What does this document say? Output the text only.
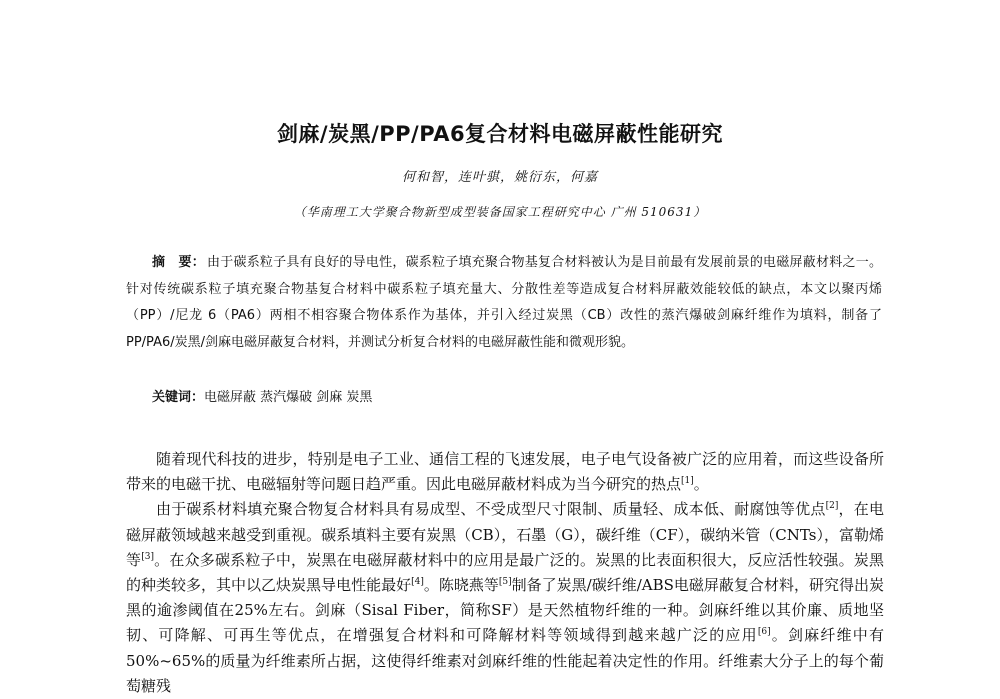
剑麻/炭黑/PP/PA6复合材料电磁屏蔽性能研究
何和智，连叶骐，姚衍东，何嘉
（华南理工大学聚合物新型成型装备国家工程研究中心 广州 510631）
摘　要： 由于碳系粒子具有良好的导电性，碳系粒子填充聚合物基复合材料被认为是目前最有发展前景的电磁屏蔽材料之一。针对传统碳系粒子填充聚合物基复合材料中碳系粒子填充量大、分散性差等造成复合材料屏蔽效能较低的缺点，本文以聚丙烯（PP）/尼龙 6（PA6）两相不相容聚合物体系作为基体，并引入经过炭黑（CB）改性的蒸汽爆破剑麻纤维作为填料，制备了PP/PA6/炭黑/剑麻电磁屏蔽复合材料，并测试分析复合材料的电磁屏蔽性能和微观形貌。
关键词：电磁屏蔽 蒸汽爆破 剑麻 炭黑

随着现代科技的进步，特别是电子工业、通信工程的飞速发展，电子电气设备被广泛的应用着，而这些设备所带来的电磁干扰、电磁辐射等问题日趋严重。因此电磁屏蔽材料成为当今研究的热点[1]。

由于碳系材料填充聚合物复合材料具有易成型、不受成型尺寸限制、质量轻、成本低、耐腐蚀等优点[2]，在电磁屏蔽领域越来越受到重视。碳系填料主要有炭黑（CB），石墨（G），碳纤维（CF），碳纳米管（CNTs），富勒烯等[3]。在众多碳系粒子中，炭黑在电磁屏蔽材料中的应用是最广泛的。炭黑的比表面积很大，反应活性较强。炭黑的种类较多，其中以乙炔炭黑导电性能最好[4]。陈晓燕等[5]制备了炭黑/碳纤维/ABS电磁屏蔽复合材料，研究得出炭黑的逾渗阈值在25%左右。剑麻（Sisal Fiber，简称SF）是天然植物纤维的一种。剑麻纤维以其价廉、质地坚韧、可降解、可再生等优点，在增强复合材料和可降解材料等领域得到越来越广泛的应用[6]。剑麻纤维中有50%~65%的质量为纤维素所占据，这使得纤维素对剑麻纤维的性能起着决定性的作用。纤维素大分子上的每个葡萄糖残
